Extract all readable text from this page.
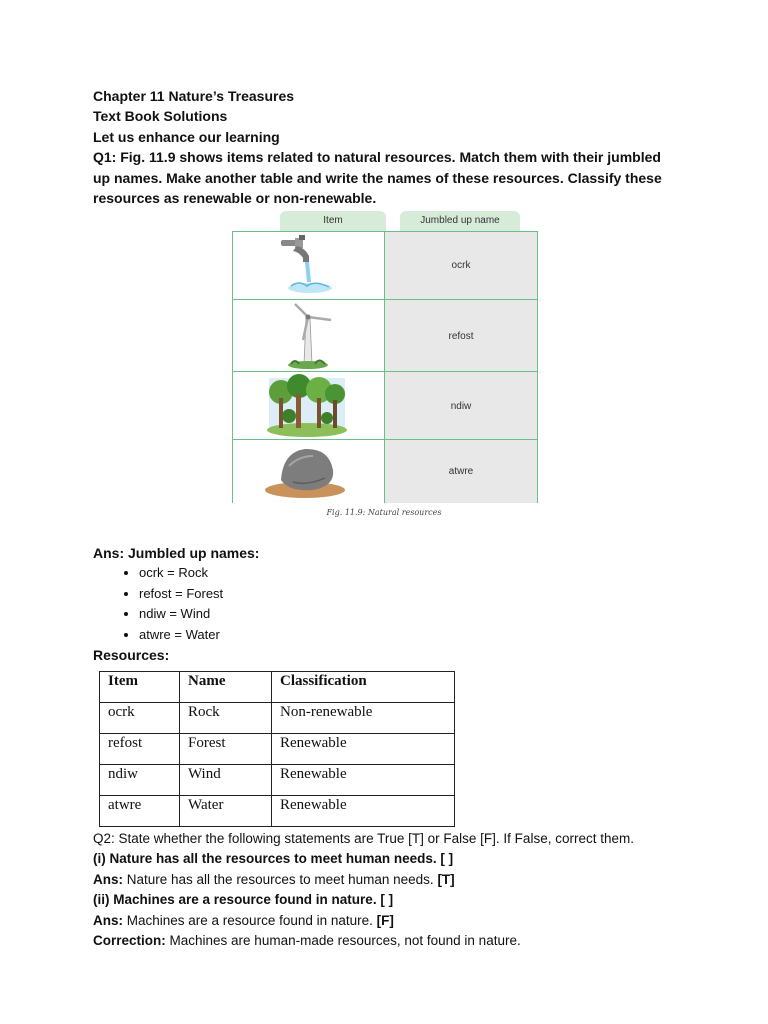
Chapter 11 Nature’s Treasures

Text Book Solutions

Let us enhance our learning

Q1: Fig. 11.9 shows items related to natural resources. Match them with their jumbled up names. Make another table and write the names of these resources. Classify these resources as renewable or non-renewable.

Item	Jumbled up name
ocrk
refost
ndiw
atwre
Fig. 11.9: Natural resources

Ans: Jumbled up names:

• ocrk = Rock
• refost = Forest
• ndiw = Wind
• atwre = Water

Resources:

Item	Name	Classification
ocrk	Rock	Non-renewable
refost	Forest	Renewable
ndiw	Wind	Renewable
atwre	Water	Renewable

Q2: State whether the following statements are True [T] or False [F]. If False, correct them.

(i) Nature has all the resources to meet human needs. [ ]

Ans: Nature has all the resources to meet human needs. [T]

(ii) Machines are a resource found in nature. [ ]

Ans: Machines are a resource found in nature. [F]

Correction: Machines are human-made resources, not found in nature.
